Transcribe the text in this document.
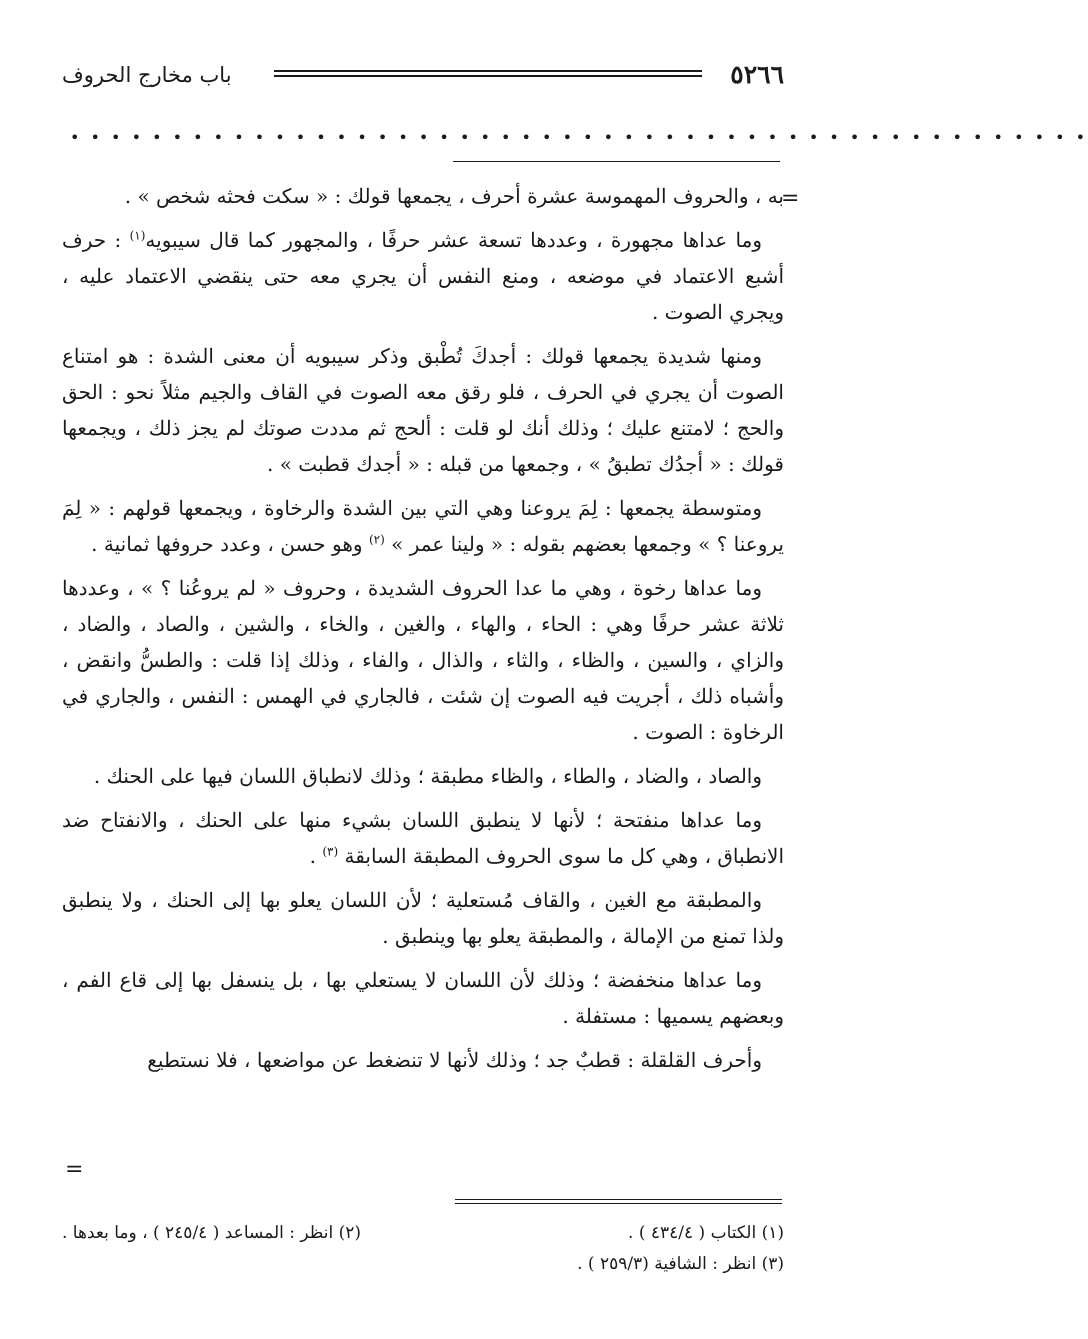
٥٢٦٦
باب مخارج الحروف
• • • • • • • • • • • • • • • • • • • • • • • • • • • • • • • • • • • • • • • • • • • • • • • • • •
=

به ، والحروف المهموسة عشرة أحرف ، يجمعها قولك : « سكت فحثه شخص » .

وما عداها مجهورة ، وعددها تسعة عشر حرفًا ، والمجهور كما قال سيبويه$^{(١)}$ : حرف أشبع الاعتماد في موضعه ، ومنع النفس أن يجري معه حتى ينقضي الاعتماد عليه ، ويجري الصوت .

ومنها شديدة يجمعها قولك : أجدكَ تُطْبق وذكر سيبويه أن معنى الشدة : هو امتناع الصوت أن يجري في الحرف ، فلو رقق معه الصوت في القاف والجيم مثلاً نحو : الحق والحج ؛ لامتنع عليك ؛ وذلك أنك لو قلت : ألحج ثم مددت صوتك لم يجز ذلك ، ويجمعها قولك : « أجدُك تطبقُ » ، وجمعها من قبله : « أجدك قطبت » .

ومتوسطة يجمعها : لِمَ يروعنا وهي التي بين الشدة والرخاوة ، ويجمعها قولهم : « لِمَ يروعنا ؟ » وجمعها بعضهم بقوله : « ولينا عمر » $^{(٢)}$ وهو حسن ، وعدد حروفها ثمانية .

وما عداها رخوة ، وهي ما عدا الحروف الشديدة ، وحروف « لم يروعُنا ؟ » ، وعددها ثلاثة عشر حرفًا وهي : الحاء ، والهاء ، والغين ، والخاء ، والشين ، والصاد ، والضاد ، والزاي ، والسين ، والظاء ، والثاء ، والذال ، والفاء ، وذلك إذا قلت : والطسُّ وانقض ، وأشباه ذلك ، أجريت فيه الصوت إن شئت ، فالجاري في الهمس : النفس ، والجاري في الرخاوة : الصوت .

والصاد ، والضاد ، والطاء ، والظاء مطبقة ؛ وذلك لانطباق اللسان فيها على الحنك .

وما عداها منفتحة ؛ لأنها لا ينطبق اللسان بشيء منها على الحنك ، والانفتاح ضد الانطباق ، وهي كل ما سوى الحروف المطبقة السابقة $^{(٣)}$ .

والمطبقة مع الغين ، والقاف مُستعلية ؛ لأن اللسان يعلو بها إلى الحنك ، ولا ينطبق ولذا تمنع من الإمالة ، والمطبقة يعلو بها وينطبق .

وما عداها منخفضة ؛ وذلك لأن اللسان لا يستعلي بها ، بل ينسفل بها إلى قاع الفم ، وبعضهم يسميها : مستفلة .

وأحرف القلقلة : قطبٌ جد ؛ وذلك لأنها لا تنضغط عن مواضعها ، فلا نستطيع

=
(١) الكتاب ( ٤٣٤/٤ ) .
(٢) انظر : المساعد ( ٢٤٥/٤ ) ، وما بعدها .
(٣) انظر : الشافية (٢٥٩/٣ ) .
